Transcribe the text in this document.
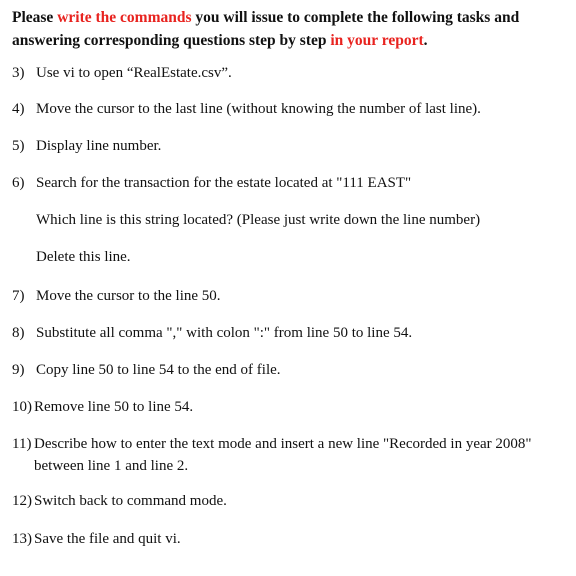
Please write the commands you will issue to complete the following tasks and answering corresponding questions step by step in your report.
3) Use vi to open “RealEstate.csv”.
4) Move the cursor to the last line (without knowing the number of last line).
5) Display line number.
6) Search for the transaction for the estate located at "111 EAST"
Which line is this string located? (Please just write down the line number)
Delete this line.
7) Move the cursor to the line 50.
8) Substitute all comma "," with colon ":" from line 50 to line 54.
9) Copy line 50 to line 54 to the end of file.
10) Remove line 50 to line 54.
11) Describe how to enter the text mode and insert a new line "Recorded in year 2008" between line 1 and line 2.
12) Switch back to command mode.
13) Save the file and quit vi.
